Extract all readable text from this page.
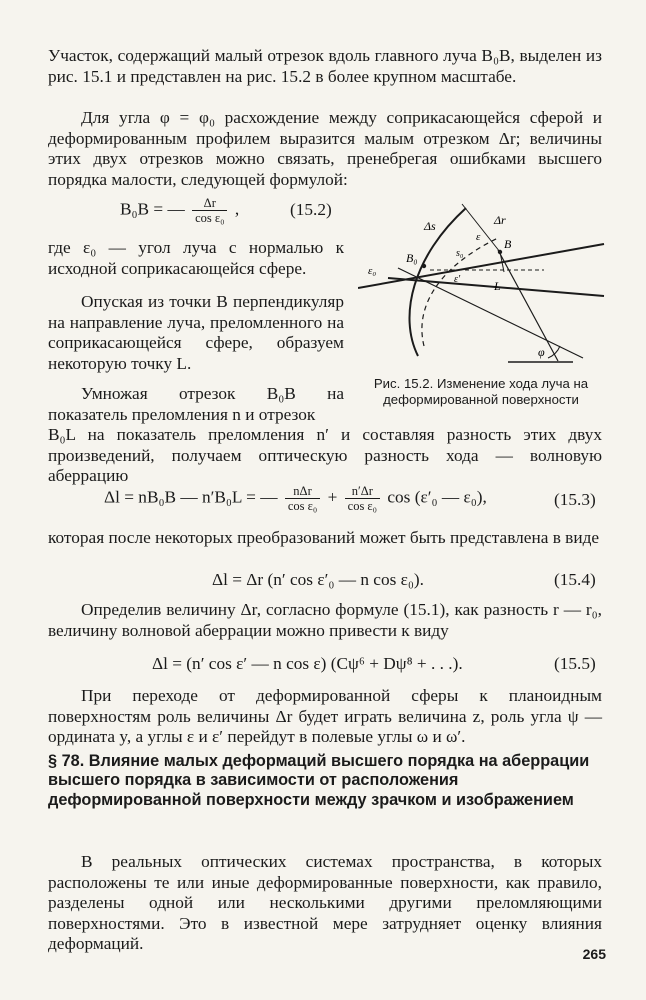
Участок, содержащий малый отрезок вдоль главного луча B₀B, выделен из рис. 15.1 и представлен на рис. 15.2 в более крупном масштабе.

Для угла φ = φ₀ расхождение между соприкасающейся сферой и деформированным профилем выразится малым отрезком Δr; величины этих двух отрезков можно связать, пренебрегая ошибками высшего порядка малости, следующей формулой:

B₀B = — $\frac{\Delta r}{\text{cos ε₀}}$ ,	(15.2)

где ε₀ — угол луча с нормалью к исходной соприкасающейся сфере.

Опуская из точки B перпендикуляр на направление луча, преломленного на соприкасающейся сфере, образуем некоторую точку L.

Умножая отрезок B₀B на показатель преломления n и отрезок

B₀L на показатель преломления n′ и составляя разность этих двух произведений, получаем оптическую разность хода — волновую аберрацию

Δl = nB₀B — n′B₀L = — $\frac{\text{nΔr}}{\text{cos ε₀}} + \frac{n'\Delta r}{\text{cos ε₀}}$ cos (ε′₀ — ε₀),	(15.3)

которая после некоторых преобразований может быть представлена в виде

Δl = Δr (n′ cos ε′₀ — n cos ε₀).	(15.4)

Определив величину Δr, согласно формуле (15.1), как разность r — r₀, величину волновой аберрации можно привести к виду

Δl = (n′ cos ε′ — n cos ε) (Cψ⁶ + Dψ⁸ + . . .).	(15.5)

При переходе от деформированной сферы к планоидным поверхностям роль величины Δr будет играть величина z, роль угла ψ — ордината y, а углы ε и ε′ перейдут в полевые углы ω и ω′.

§ 78. Влияние малых деформаций высшего порядка на аберрации высшего порядка в зависимости от расположения деформированной поверхности между зрачком и изображением

В реальных оптических системах пространства, в которых расположены те или иные деформированные поверхности, как правило, разделены одной или несколькими другими преломляющими поверхностями. Это в известной мере затрудняет оценку влияния деформаций.

Δs	Δr
ε B
ε₀
B₀	s₀
ε′	L
φ

Рис. 15.2. Изменение хода луча на деформированной поверхности

265
